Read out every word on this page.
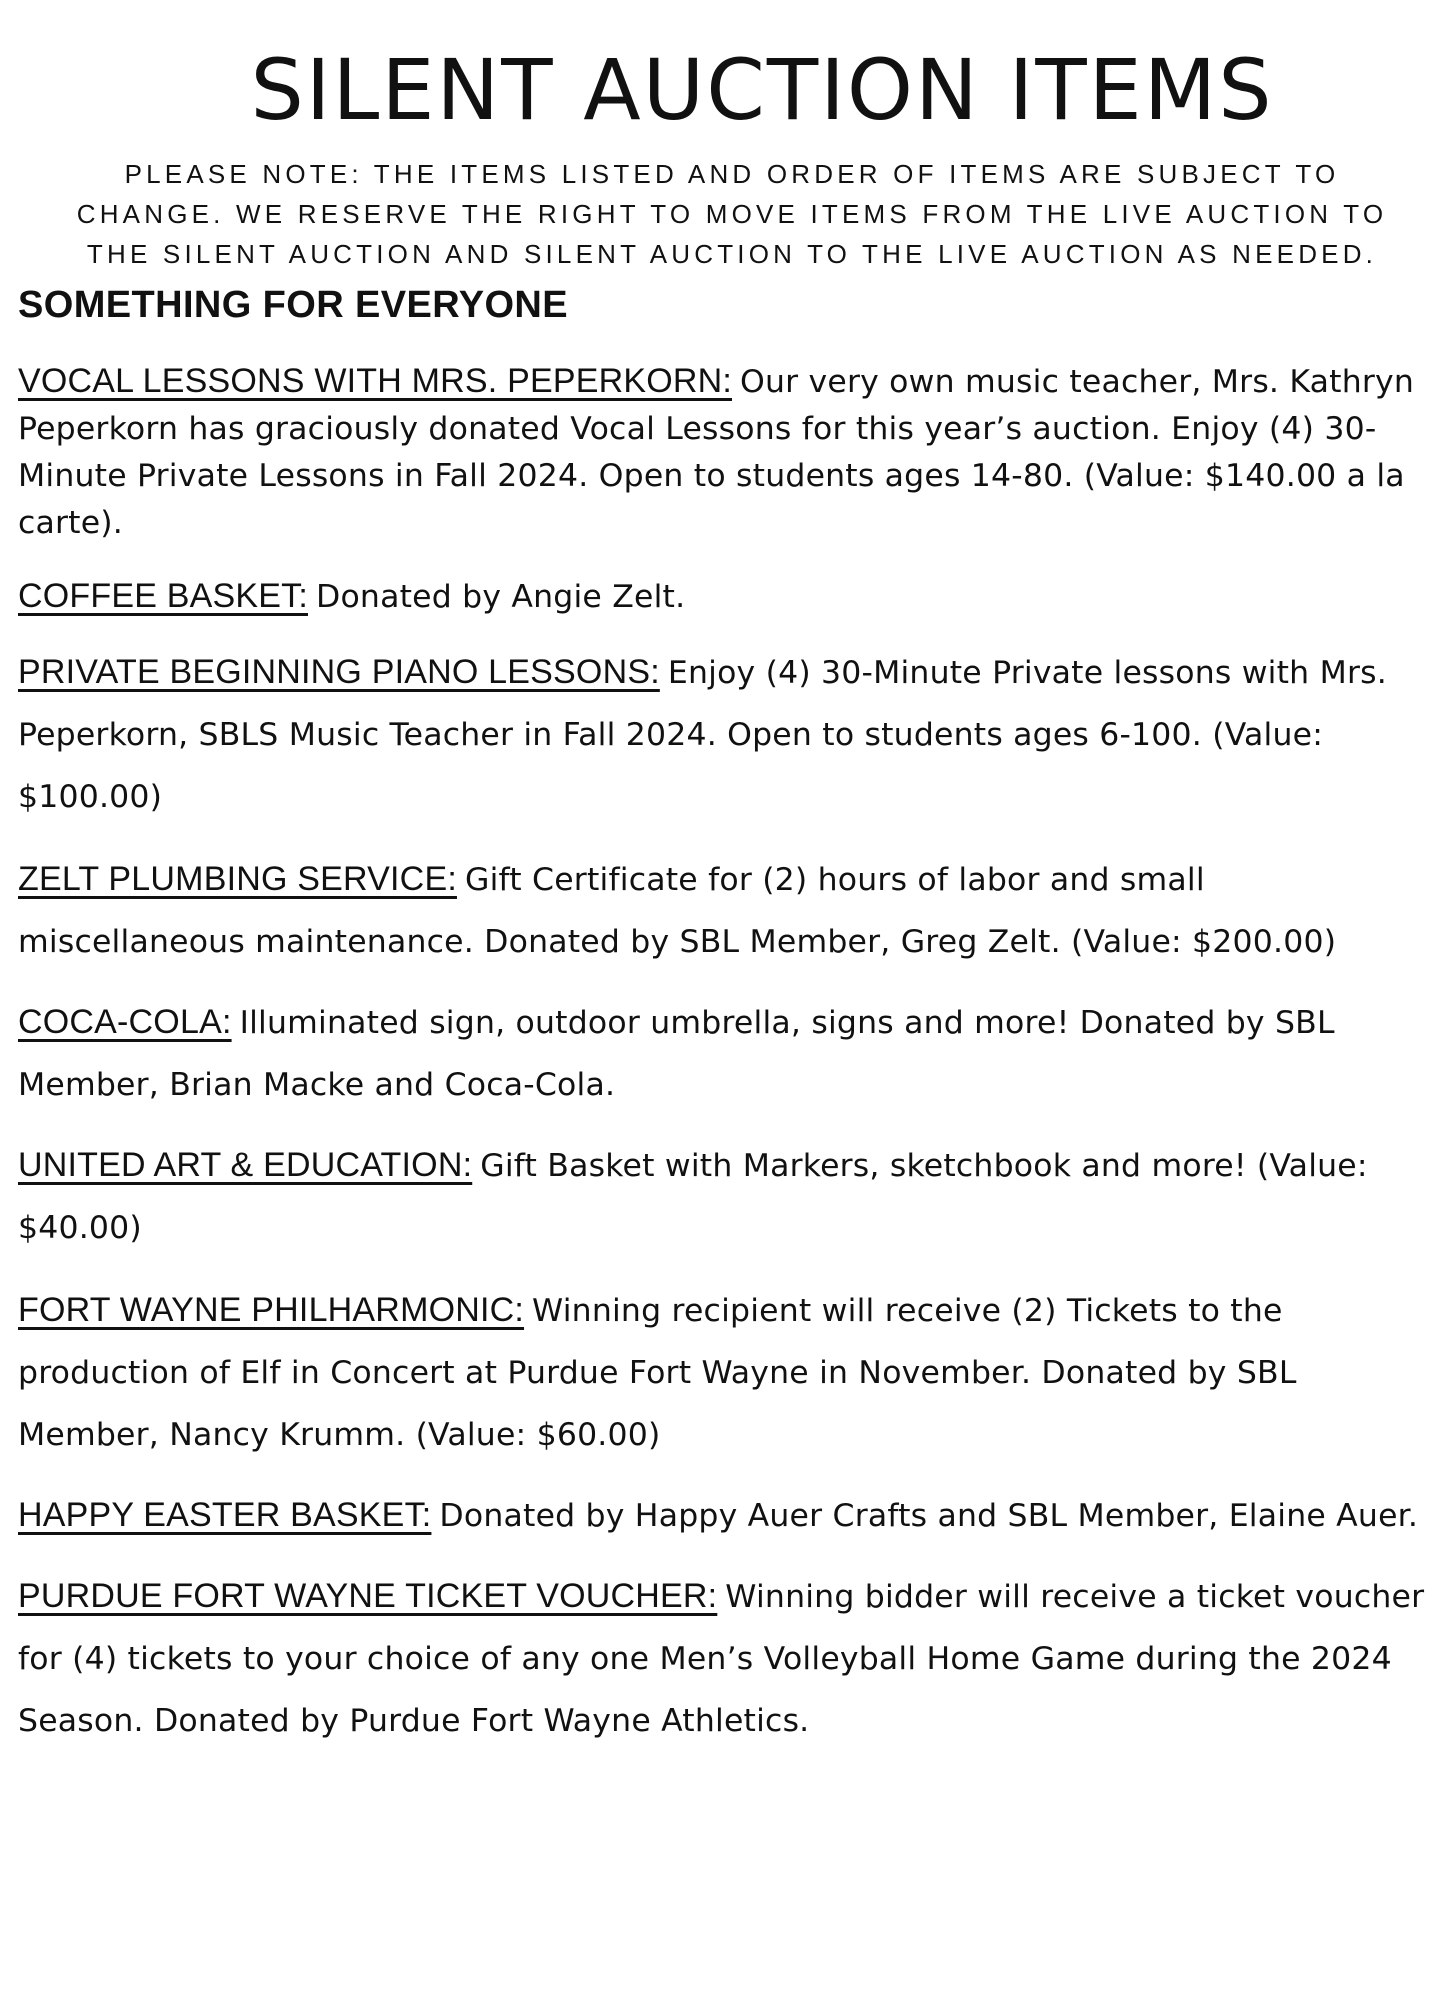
SILENT AUCTION ITEMS

PLEASE NOTE: THE ITEMS LISTED AND ORDER OF ITEMS ARE SUBJECT TO CHANGE. WE RESERVE THE RIGHT TO MOVE ITEMS FROM THE LIVE AUCTION TO THE SILENT AUCTION AND SILENT AUCTION TO THE LIVE AUCTION AS NEEDED.

SOMETHING FOR EVERYONE

VOCAL LESSONS WITH MRS. PEPERKORN: Our very own music teacher, Mrs. Kathryn Peperkorn has graciously donated Vocal Lessons for this year’s auction. Enjoy (4) 30-Minute Private Lessons in Fall 2024. Open to students ages 14-80. (Value: $140.00 a la carte).

COFFEE BASKET: Donated by Angie Zelt.

PRIVATE BEGINNING PIANO LESSONS: Enjoy (4) 30-Minute Private lessons with Mrs. Peperkorn, SBLS Music Teacher in Fall 2024. Open to students ages 6-100. (Value: $100.00)

ZELT PLUMBING SERVICE: Gift Certificate for (2) hours of labor and small miscellaneous maintenance. Donated by SBL Member, Greg Zelt. (Value: $200.00)

COCA-COLA: Illuminated sign, outdoor umbrella, signs and more! Donated by SBL Member, Brian Macke and Coca-Cola.

UNITED ART & EDUCATION: Gift Basket with Markers, sketchbook and more! (Value: $40.00)

FORT WAYNE PHILHARMONIC: Winning recipient will receive (2) Tickets to the production of Elf in Concert at Purdue Fort Wayne in November. Donated by SBL Member, Nancy Krumm. (Value: $60.00)

HAPPY EASTER BASKET: Donated by Happy Auer Crafts and SBL Member, Elaine Auer.

PURDUE FORT WAYNE TICKET VOUCHER: Winning bidder will receive a ticket voucher for (4) tickets to your choice of any one Men’s Volleyball Home Game during the 2024 Season. Donated by Purdue Fort Wayne Athletics.
